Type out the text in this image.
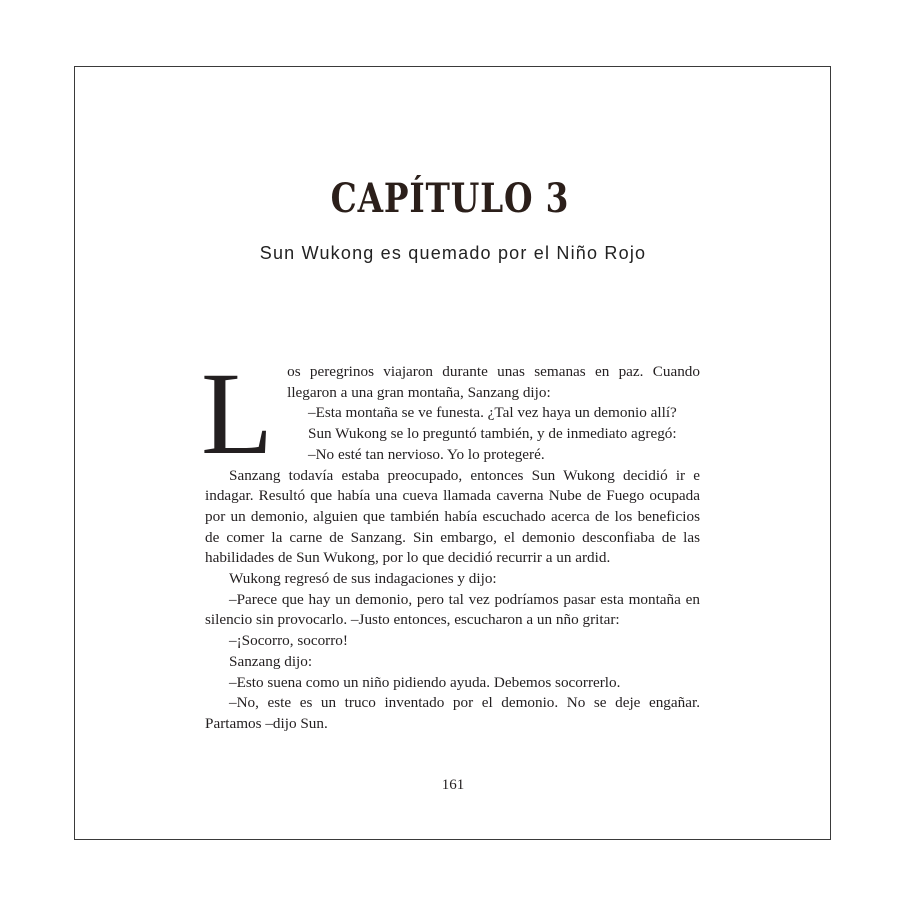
CAPÍTULO 3

Sun Wukong es quemado por el Niño Rojo

L os peregrinos viajaron durante unas semanas en paz. Cuando llegaron a una gran montaña, Sanzang dijo:

–Esta montaña se ve funesta. ¿Tal vez haya un demonio allí?

Sun Wukong se lo preguntó también, y de inmediato agregó:

–No esté tan nervioso. Yo lo protegeré.

Sanzang todavía estaba preocupado, entonces Sun Wukong decidió ir e indagar. Resultó que había una cueva llamada caverna Nube de Fuego ocupada por un demonio, alguien que también había escuchado acerca de los beneficios de comer la carne de Sanzang. Sin embargo, el demonio desconfiaba de las habilidades de Sun Wukong, por lo que decidió recurrir a un ardid.

Wukong regresó de sus indagaciones y dijo:

–Parece que hay un demonio, pero tal vez podríamos pasar esta montaña en silencio sin provocarlo. –Justo entonces, escucharon a un nño gritar:

–¡Socorro, socorro!

Sanzang dijo:

–Esto suena como un niño pidiendo ayuda. Debemos socorrerlo.

–No, este es un truco inventado por el demonio. No se deje engañar. Partamos –dijo Sun.

161
